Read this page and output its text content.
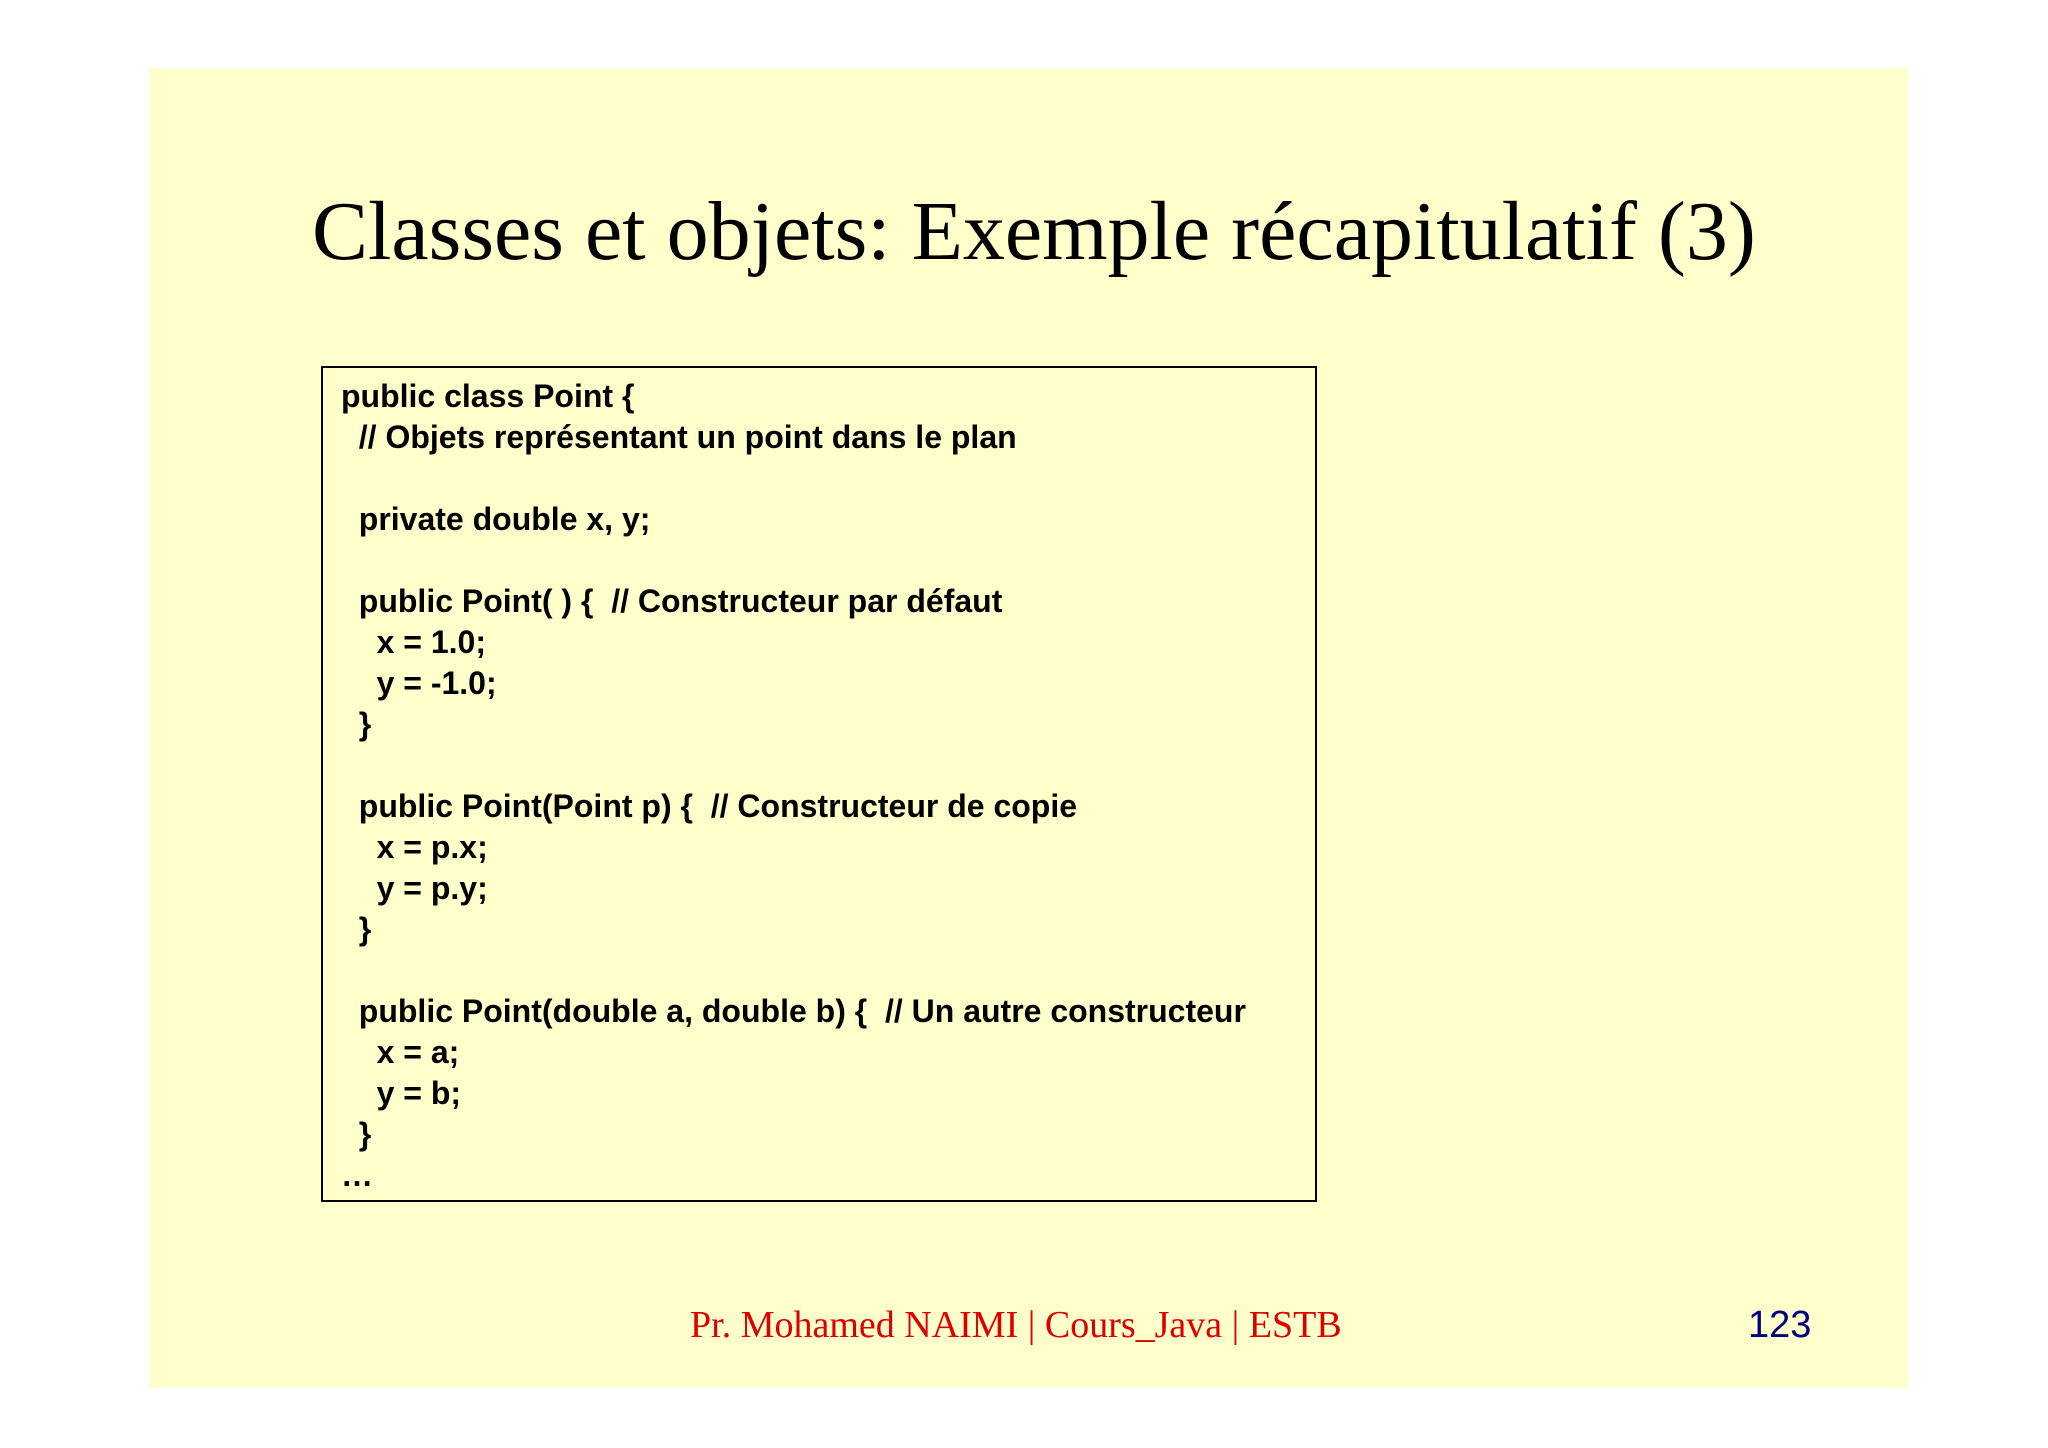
Classes et objets: Exemple récapitulatif (3)
public class Point {
// Objets représentant un point dans le plan
private double x, y;
public Point( ) {  // Constructeur par défaut
x = 1.0;
y = -1.0;
}
public Point(Point p) {  // Constructeur de copie
x = p.x;
y = p.y;
}
public Point(double a, double b) {  // Un autre constructeur
x = a;
y = b;
}
…
Pr. Mohamed NAIMI | Cours_Java | ESTB	123
